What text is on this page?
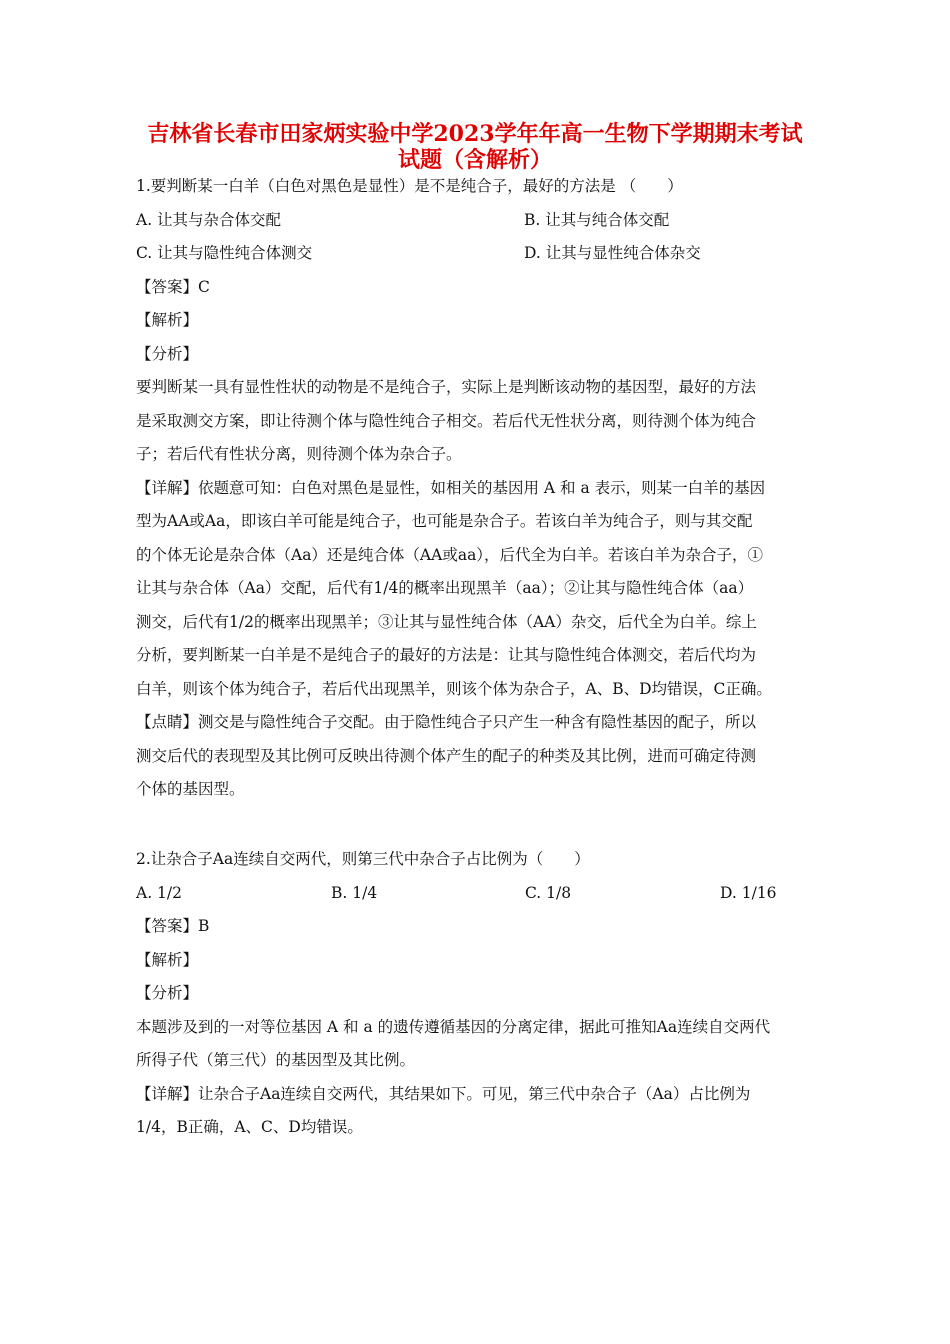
吉林省长春市田家炳实验中学2023学年年高一生物下学期期末考试
试题（含解析）
1.要判断某一白羊（白色对黑色是显性）是不是纯合子，最好的方法是 （　　）
A. 让其与杂合体交配	B. 让其与纯合体交配
C. 让其与隐性纯合体测交	D. 让其与显性纯合体杂交
【答案】C
【解析】
【分析】
要判断某一具有显性性状的动物是不是纯合子，实际上是判断该动物的基因型，最好的方法
是采取测交方案，即让待测个体与隐性纯合子相交。若后代无性状分离，则待测个体为纯合
子；若后代有性状分离，则待测个体为杂合子。
【详解】依题意可知：白色对黑色是显性，如相关的基因用 A 和 a 表示，则某一白羊的基因
型为AA或Aa，即该白羊可能是纯合子，也可能是杂合子。若该白羊为纯合子，则与其交配
的个体无论是杂合体（Aa）还是纯合体（AA或aa），后代全为白羊。若该白羊为杂合子，①
让其与杂合体（Aa）交配，后代有1/4的概率出现黑羊（aa）；②让其与隐性纯合体（aa）
测交，后代有1/2的概率出现黑羊；③让其与显性纯合体（AA）杂交，后代全为白羊。综上
分析，要判断某一白羊是不是纯合子的最好的方法是：让其与隐性纯合体测交，若后代均为
白羊，则该个体为纯合子，若后代出现黑羊，则该个体为杂合子，A、B、D均错误，C正确。
【点睛】测交是与隐性纯合子交配。由于隐性纯合子只产生一种含有隐性基因的配子，所以
测交后代的表现型及其比例可反映出待测个体产生的配子的种类及其比例，进而可确定待测
个体的基因型。
2.让杂合子Aa连续自交两代，则第三代中杂合子占比例为（　　）
A. 1/2	B. 1/4	C. 1/8	D. 1/16
【答案】B
【解析】
【分析】
本题涉及到的一对等位基因 A 和 a 的遗传遵循基因的分离定律，据此可推知Aa连续自交两代
所得子代（第三代）的基因型及其比例。
【详解】让杂合子Aa连续自交两代，其结果如下。可见，第三代中杂合子（Aa）占比例为
1/4，B正确，A、C、D均错误。
